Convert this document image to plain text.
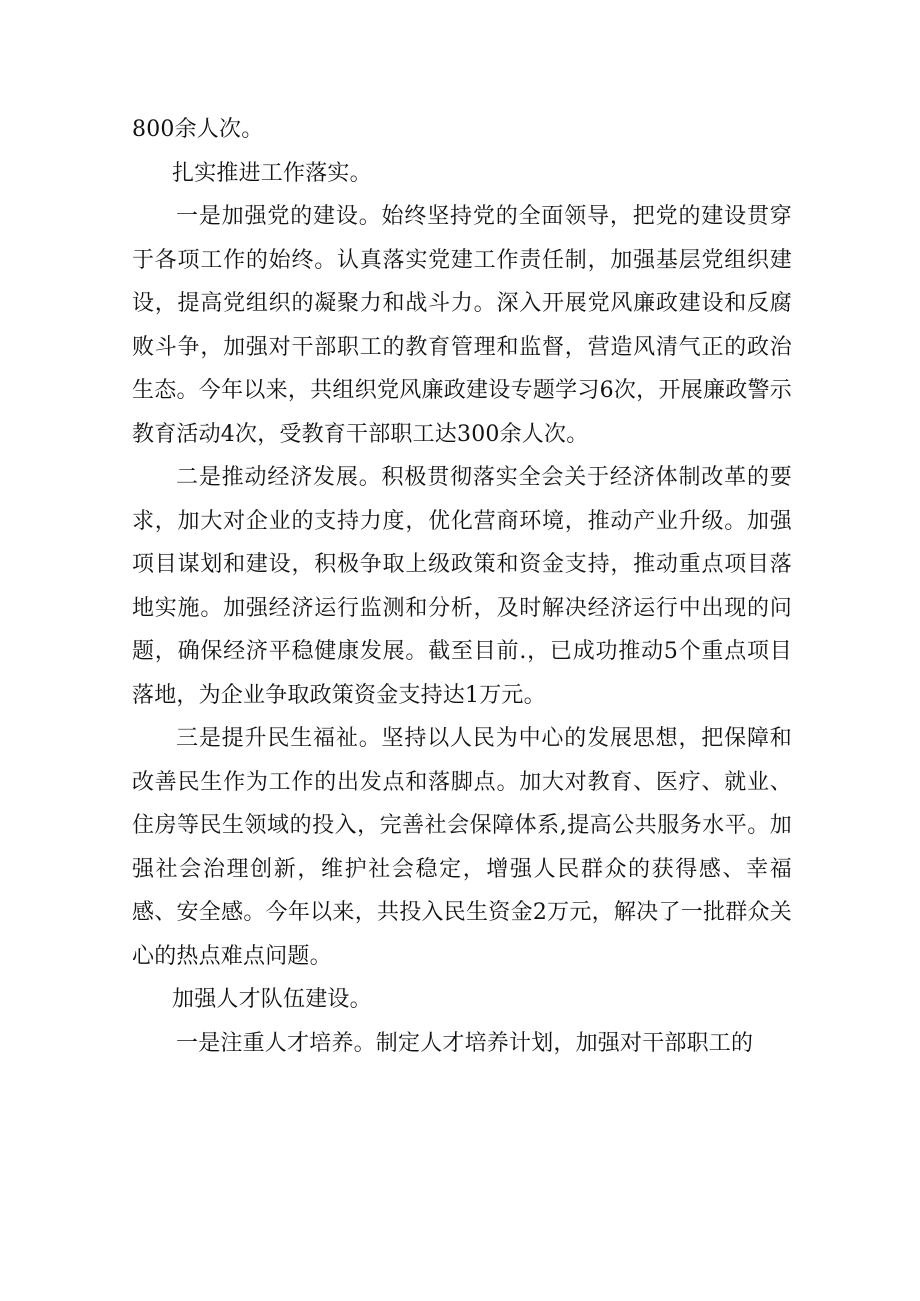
800余人次。

扎实推进工作落实。

一是加强党的建设。始终坚持党的全面领导，把党的建设贯穿于各项工作的始终。认真落实党建工作责任制，加强基层党组织建设，提高党组织的凝聚力和战斗力。深入开展党风廉政建设和反腐败斗争，加强对干部职工的教育管理和监督，营造风清气正的政治生态。今年以来，共组织党风廉政建设专题学习6次，开展廉政警示教育活动4次，受教育干部职工达300余人次。

二是推动经济发展。积极贯彻落实全会关于经济体制改革的要求，加大对企业的支持力度，优化营商环境，推动产业升级。加强项目谋划和建设，积极争取上级政策和资金支持，推动重点项目落地实施。加强经济运行监测和分析，及时解决经济运行中出现的问题，确保经济平稳健康发展。截至目前.，已成功推动5个重点项目落地，为企业争取政策资金支持达1万元。

三是提升民生福祉。坚持以人民为中心的发展思想，把保障和改善民生作为工作的出发点和落脚点。加大对教育、医疗、就业、住房等民生领域的投入，完善社会保障体系,提高公共服务水平。加强社会治理创新，维护社会稳定，增强人民群众的获得感、幸福感、安全感。今年以来，共投入民生资金2万元，解决了一批群众关心的热点难点问题。

加强人才队伍建设。

一是注重人才培养。制定人才培养计划，加强对干部职工的
